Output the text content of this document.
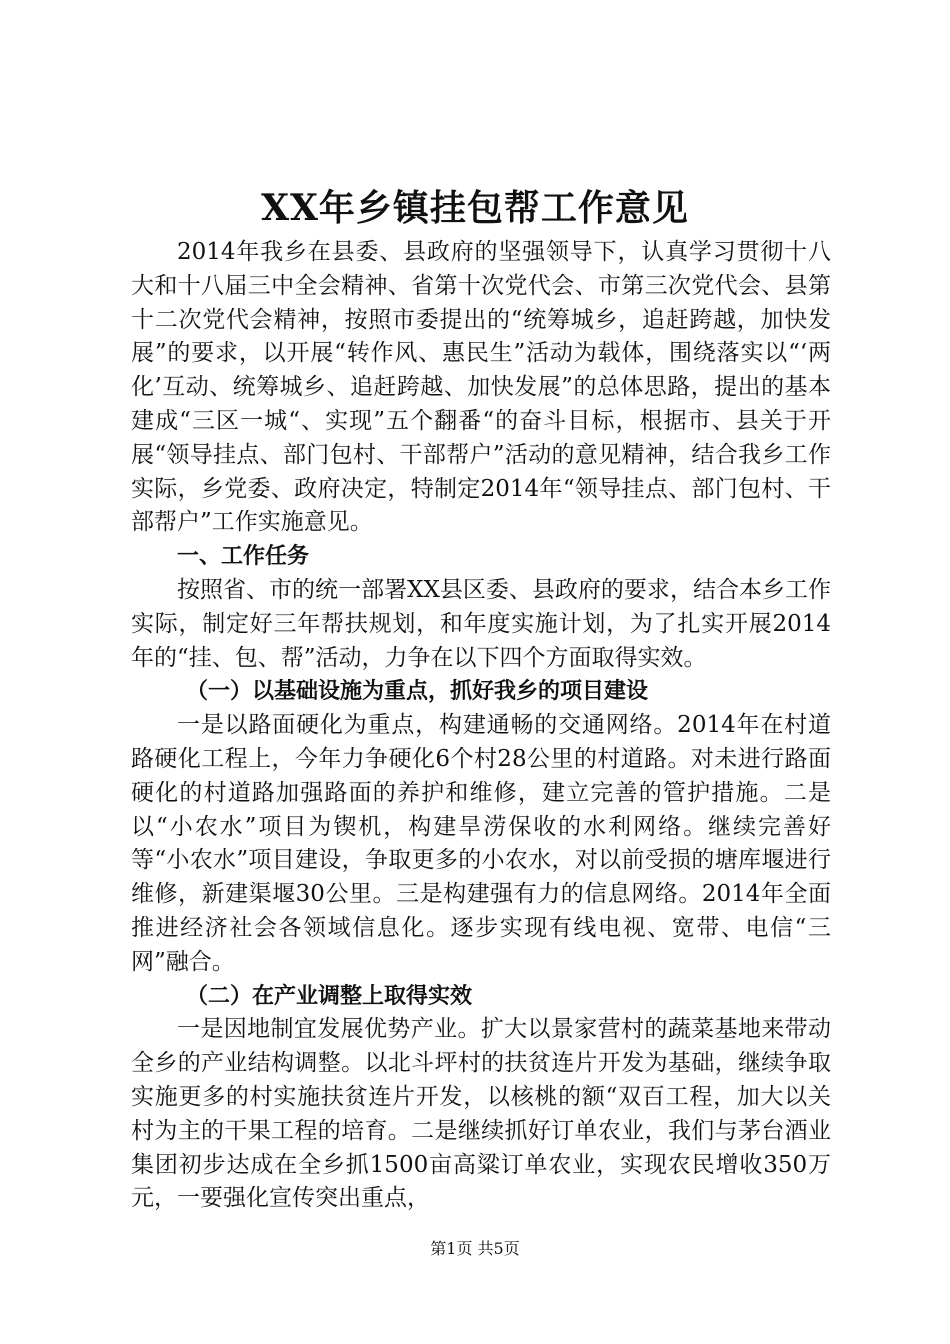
XX年乡镇挂包帮工作意见

2014年我乡在县委、县政府的坚强领导下，认真学习贯彻十八大和十八届三中全会精神、省第十次党代会、市第三次党代会、县第十二次党代会精神，按照市委提出的“统筹城乡，追赶跨越，加快发展”的要求，以开展“转作风、惠民生”活动为载体，围绕落实以“‘两化’互动、统筹城乡、追赶跨越、加快发展”的总体思路，提出的基本建成“三区一城“、实现”五个翻番“的奋斗目标，根据市、县关于开展“领导挂点、部门包村、干部帮户”活动的意见精神，结合我乡工作实际，乡党委、政府决定，特制定2014年“领导挂点、部门包村、干部帮户”工作实施意见。

一、工作任务

按照省、市的统一部署XX县区委、县政府的要求，结合本乡工作实际，制定好三年帮扶规划，和年度实施计划，为了扎实开展2014年的“挂、包、帮”活动，力争在以下四个方面取得实效。

（一）以基础设施为重点，抓好我乡的项目建设

一是以路面硬化为重点，构建通畅的交通网络。2014年在村道路硬化工程上，今年力争硬化6个村28公里的村道路。对未进行路面硬化的村道路加强路面的养护和维修，建立完善的管护措施。二是以“小农水”项目为锲机，构建旱涝保收的水利网络。继续完善好等“小农水”项目建设，争取更多的小农水，对以前受损的塘库堰进行维修，新建渠堰30公里。三是构建强有力的信息网络。2014年全面推进经济社会各领域信息化。逐步实现有线电视、宽带、电信“三网”融合。

（二）在产业调整上取得实效

一是因地制宜发展优势产业。扩大以景家营村的蔬菜基地来带动全乡的产业结构调整。以北斗坪村的扶贫连片开发为基础，继续争取实施更多的村实施扶贫连片开发，以核桃的额“双百工程，加大以关村为主的干果工程的培育。二是继续抓好订单农业，我们与茅台酒业集团初步达成在全乡抓1500亩高粱订单农业，实现农民增收350万元，一要强化宣传突出重点，

第1页 共5页
